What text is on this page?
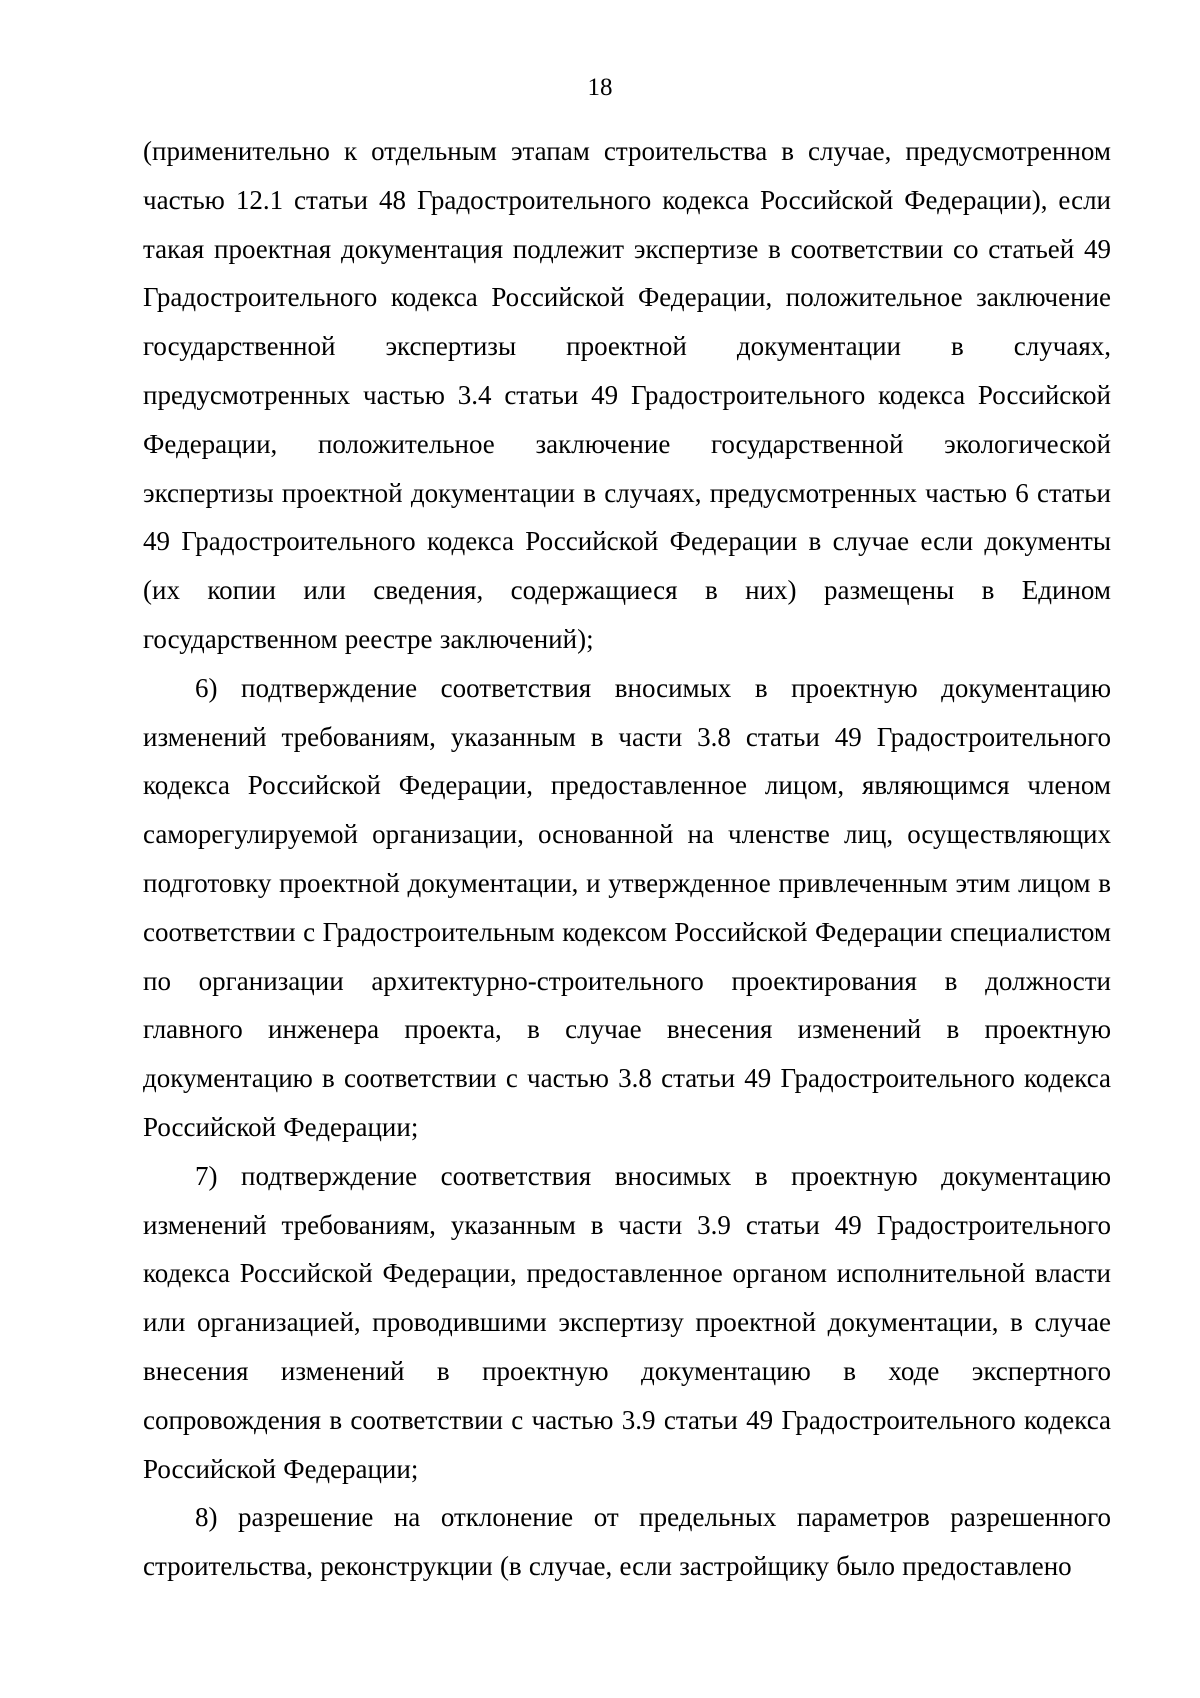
18

(применительно к отдельным этапам строительства в случае, предусмотренном частью 12.1 статьи 48 Градостроительного кодекса Российской Федерации), если такая проектная документация подлежит экспертизе в соответствии со статьей 49 Градостроительного кодекса Российской Федерации, положительное заключение государственной экспертизы проектной документации в случаях, предусмотренных частью 3.4 статьи 49 Градостроительного кодекса Российской Федерации, положительное заключение государственной экологической экспертизы проектной документации в случаях, предусмотренных частью 6 статьи 49 Градостроительного кодекса Российской Федерации в случае если документы (их копии или сведения, содержащиеся в них) размещены в Едином государственном реестре заключений);

6) подтверждение соответствия вносимых в проектную документацию изменений требованиям, указанным в части 3.8 статьи 49 Градостроительного кодекса Российской Федерации, предоставленное лицом, являющимся членом саморегулируемой организации, основанной на членстве лиц, осуществляющих подготовку проектной документации, и утвержденное привлеченным этим лицом в соответствии с Градостроительным кодексом Российской Федерации специалистом по организации архитектурно-строительного проектирования в должности главного инженера проекта, в случае внесения изменений в проектную документацию в соответствии с частью 3.8 статьи 49 Градостроительного кодекса Российской Федерации;

7) подтверждение соответствия вносимых в проектную документацию изменений требованиям, указанным в части 3.9 статьи 49 Градостроительного кодекса Российской Федерации, предоставленное органом исполнительной власти или организацией, проводившими экспертизу проектной документации, в случае внесения изменений в проектную документацию в ходе экспертного сопровождения в соответствии с частью 3.9 статьи 49 Градостроительного кодекса Российской Федерации;

8) разрешение на отклонение от предельных параметров разрешенного строительства, реконструкции (в случае, если застройщику было предоставлено
